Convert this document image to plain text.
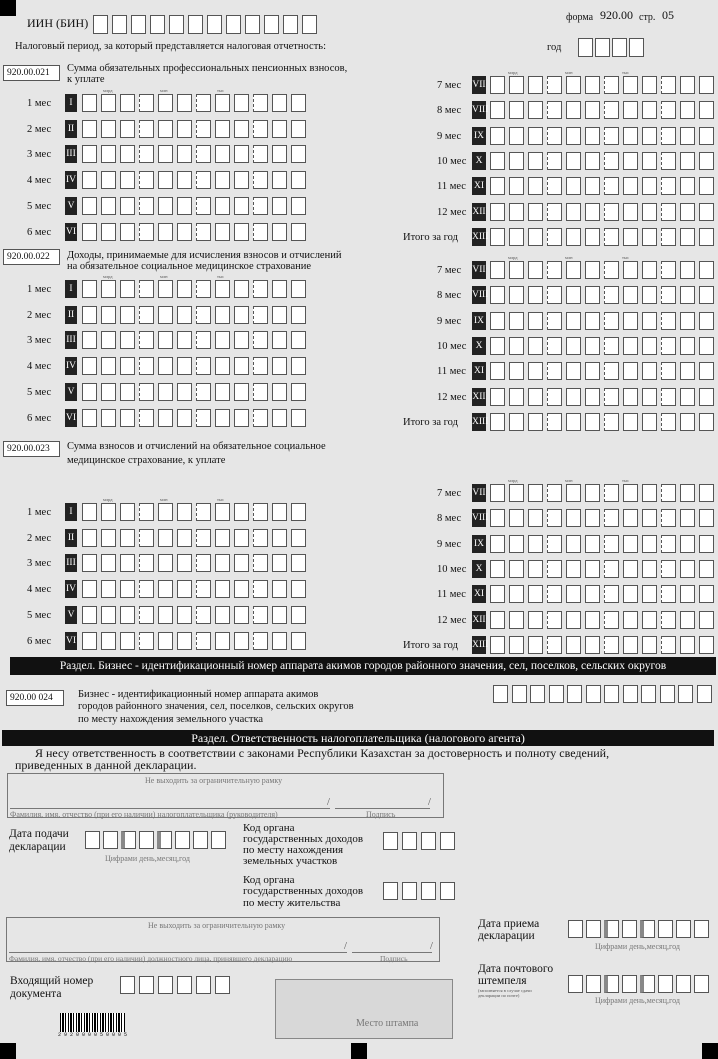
ИИН (БИН)	форма 920.00 стр. 05
Налоговый период, за который представляется налоговая отчетность:	год
920.00.021	Сумма обязательных профессиональных пенсионных взносов,
к уплате
920.00.022	Доходы, принимаемые для исчисления взносов и отчислений
на обязательное социальное медицинское страхование
920.00.023	Сумма взносов и отчислений на обязательное социальное
медицинское страхование, к уплате
млрд	млн	тыс
1 мес	I
2 мес II
3 мес III
4 мес IV
5 мес V
6 мес VI
млрд	млн	тыс
7 мес VII
8 мес VIII
9 мес IX
10 мес X
11 мес XI
12 мес XII
Итого за год XIII
млрд	млн	тыс
1 мес	I
2 мес II
3 мес III
4 мес IV
5 мес V
6 мес VI
млрд	млн	тыс
7 мес VII
8 мес VIII
9 мес IX
10 мес X
11 мес XI
12 мес XII
Итого за год XIII
млрд	млн	тыс
1 мес	I
2 мес II
3 мес III
4 мес IV
5 мес V
6 мес VI
млрд	млн	тыс
7 мес VII
8 мес VIII
9 мес IX
10 мес X
11 мес XI
12 мес XII
Итого за год XIII
Раздел. Бизнес - идентификационный номер аппарата акимов городов районного значения, сел, поселков, сельских округов
920.00 024	Бизнес - идентификационный номер аппарата акимов
городов районного значения, сел, поселков, сельских округов
по месту нахождения земельного участка
Раздел. Ответственность налогоплательщика (налогового агента)
Я несу ответственность в соответствии с законами Республики Казахстан за достоверность и полноту сведений,
приведенных в данной декларации.
Не выходить за ограничительную рамку
/	/
Фамилия, имя, отчество (при его наличии) налогоплательщика (руководителя)	Подпись
Дата подачи
декларации
Цифрами день,месяц,год
Код органа
государственных доходов
по месту нахождения
земельных участков
Код органа
государственных доходов
по месту жительства
Не выходить за ограничительную рамку
/	/
Фамилия, имя, отчество (при его наличии) должностного лица, принявшего декларацию	Подпись
Дата приема
декларации
Цифрами день,месяц,год
Дата почтового
штемпеля
(заполняется в случае сдачи
декларации по почте)
Цифрами день,месяц,год
Входящий номер
документа
Место штампа
2 9 2 0 0 0 0 5 0 0 0 5
